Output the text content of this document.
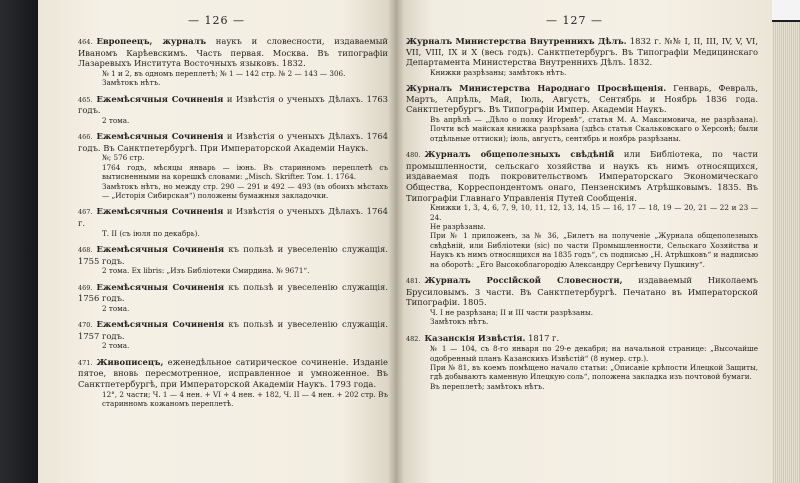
— 126 —
464. Европеецъ, журналъ наукъ и словесности, издаваемый Иваномъ Карѣевскимъ. Часть первая. Москва. Въ типографіи Лазаревыхъ Института Восточныхъ языковъ. 1832.
№ 1 и 2, въ одномъ переплетѣ; № 1 — 142 стр. № 2 — 143 — 306.
Замѣтокъ нѣтъ.
465. Ежемѣсячныя Сочиненія и Извѣстія о ученыхъ Дѣлахъ. 1763 годъ.
2 тома.
466. Ежемѣсячныя Сочиненія и Извѣстія о ученыхъ Дѣлахъ. 1764 годъ. Въ Санктпетербургѣ. При Императорской Академіи Наукъ.
№; 576 стр.
1764 годъ, мѣсяцы январь — іюнь. Въ старинномъ переплетѣ съ вытисненными на корешкѣ словами: „Misch. Skrifter. Том. 1. 1764.
Замѣтокъ нѣтъ, но между стр. 290 — 291 и 492 — 493 (въ обоихъ мѣстахъ — „Исторія Сибирская“) положены бумажныя закладочки.
467. Ежемѣсячныя Сочиненія и Извѣстія о ученыхъ Дѣлахъ. 1764 г.
Т. II (съ іюля по декабрь).
468. Ежемѣсячныя Сочиненія къ пользѣ и увеселенію служащія. 1755 годъ.
2 тома. Ex libris: „Изъ Библіотеки Смирдина. № 9671“.
469. Ежемѣсячныя Сочиненія къ пользѣ и увеселенію служащія. 1756 годъ.
2 тома.
470. Ежемѣсячныя Сочиненія къ пользѣ и увеселенію служащія. 1757 годъ.
2 тома.
471. Живописецъ, еженедѣльное сатирическое сочиненіе. Изданіе пятое, вновь пересмотренное, исправленное и умноженное. Въ Санктпетербургѣ, при Императорской Академіи Наукъ. 1793 года.
12°, 2 части; Ч. 1 — 4 нен. + VI + 4 нен. + 182, Ч. II — 4 нен. + 202 стр. Въ старинномъ кожаномъ переплетѣ.
— 127 —
Журналъ Министерства Внутреннихъ Дѣлъ. 1832 г. №№ I, II, III, IV, V, VI, VII, VIII, IX и X (весь годъ). Санктпетербургъ. Въ Типографіи Медицинскаго Департамента Министерства Внутреннихъ Дѣлъ. 1832.
Книжки разрѣзаны; замѣтокъ нѣтъ.
Журналъ Министерства Народнаго Просвѣщенія. Генварь, Февраль, Мартъ, Апрѣль, Май, Іюль, Августъ, Сентябрь и Ноябрь 1836 года. Санктпетербургъ. Въ Типографіи Импер. Академіи Наукъ.
Въ апрѣлѣ — „Дѣло о полку Игоревѣ“, статья М. А. Максимовича, не разрѣзана). Почти всѣ майская книжка разрѣзана (здѣсь статья Скальковскаго о Херсонѣ; были отдѣльные оттиски); іюль, августъ, сентябрь и ноябрь разрѣзаны.
480. Журналъ общеполезныхъ свѣдѣній или Библіотека, по части промышленности, сельскаго хозяйства и наукъ къ нимъ относящихся, издаваемая подъ покровительствомъ Императорскаго Экономическаго Общества, Корреспондентомъ онаго, Пензенскимъ Атрѣшковымъ. 1835. Въ Типографіи Главнаго Управленія Путей Сообщенія.
Книжки 1, 3, 4, 6, 7, 9, 10, 11, 12, 13, 14, 15 — 16, 17 — 18, 19 — 20, 21 — 22 и 23 — 24.
Не разрѣзаны.
При № 1 приложенъ, за № 36, „Билетъ на полученіе „Журнала общеполезныхъ свѣдѣній, или Библіотеки (sic) по части Промышленности, Сельскаго Хозяйства и Наукъ къ нимъ относящихся на 1835 годъ“, съ подписью „Н. Атрѣшковъ“ и надписью на оборотѣ: „Его Высокоблагородію Александру Сергѣевичу Пушкину“.
481. Журналъ Россійской Словесности, издаваемый Николаемъ Брусиловымъ. 3 части. Въ Санктпетербургѣ. Печатано въ Императорской Типографіи. 1805.
Ч. I не разрѣзана; II и III части разрѣзаны.
Замѣтокъ нѣтъ.
482. Казанскія Извѣстія. 1817 г.
№ 1 — 104, съ 8-го января по 29-е декабря; на начальной странице: „Высочайше одобренный планъ Казанскихъ Извѣстій“ (8 нумер. стр.).
При № 81, въ коемъ помѣщено начало статьи: „Описаніе крѣпости Илецкой Защиты, гдѣ добываютъ каменную Илецкую соль“, положена закладка изъ почтовой бумаги.
Въ переплетѣ; замѣтокъ нѣтъ.
